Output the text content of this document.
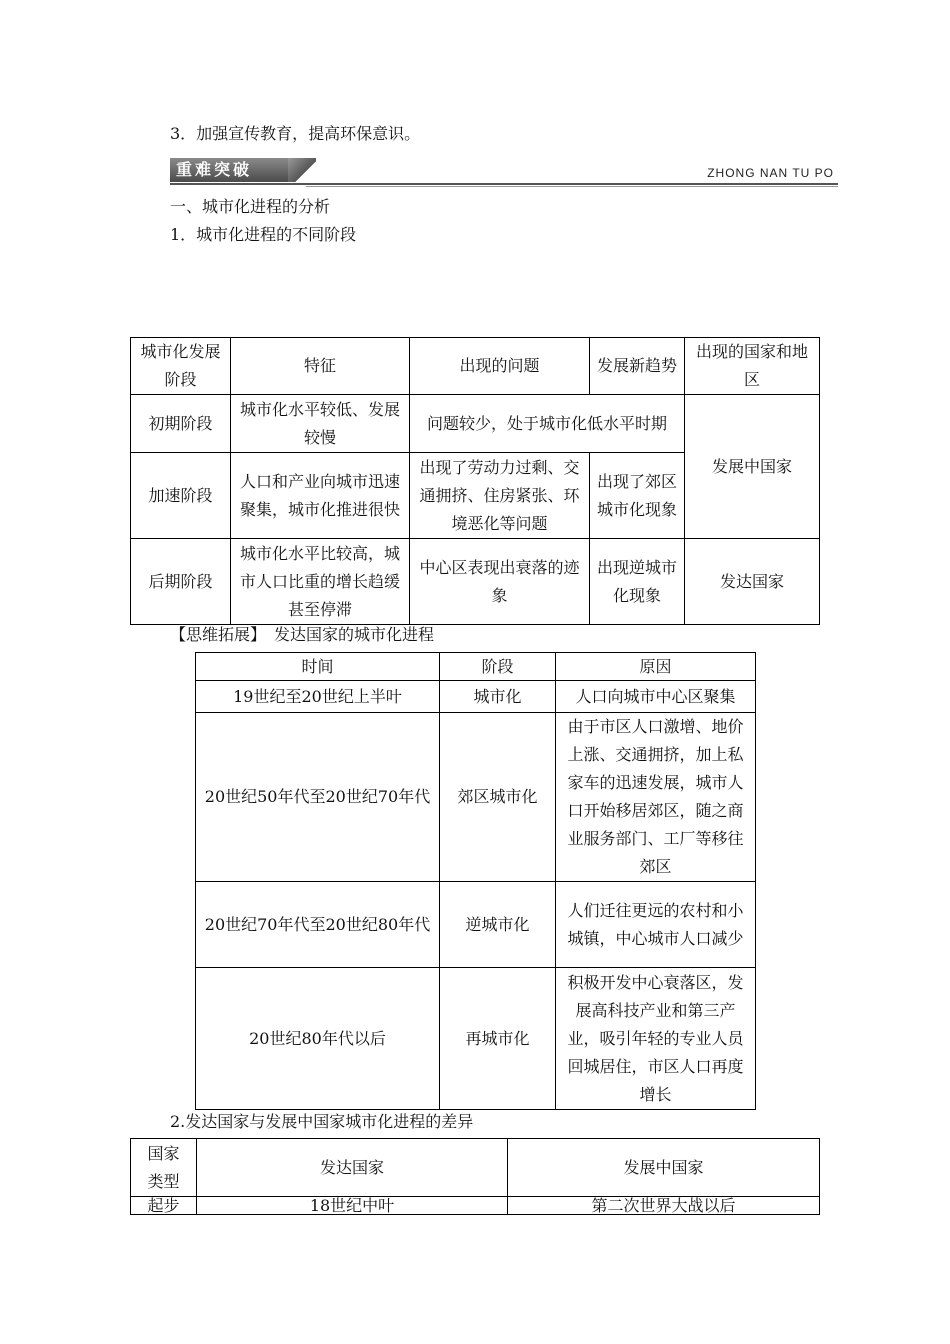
3．加强宣传教育，提高环保意识。
重难突破	ZHONG NAN TU PO
一、城市化进程的分析
1．城市化进程的不同阶段
城市化发展阶段	特征	出现的问题	发展新趋势	出现的国家和地区
初期阶段	城市化水平较低、发展较慢	问题较少，处于城市化低水平时期		发展中国家
加速阶段	人口和产业向城市迅速聚集，城市化推进很快	出现了劳动力过剩、交通拥挤、住房紧张、环境恶化等问题	出现了郊区城市化现象	
后期阶段	城市化水平比较高，城市人口比重的增长趋缓甚至停滞	中心区表现出衰落的迹象	出现逆城市化现象	发达国家
【思维拓展】　发达国家的城市化进程
时间	阶段	原因
19世纪至20世纪上半叶	城市化	人口向城市中心区聚集
20世纪50年代至20世纪70年代	郊区城市化	由于市区人口激增、地价上涨、交通拥挤，加上私家车的迅速发展，城市人口开始移居郊区，随之商业服务部门、工厂等移往郊区
20世纪70年代至20世纪80年代	逆城市化	人们迁往更远的农村和小城镇，中心城市人口减少
20世纪80年代以后	再城市化	积极开发中心衰落区，发展高科技产业和第三产业，吸引年轻的专业人员回城居住，市区人口再度增长
2.发达国家与发展中国家城市化进程的差异
国家类型	发达国家	发展中国家
起步	18世纪中叶	第二次世界大战以后
